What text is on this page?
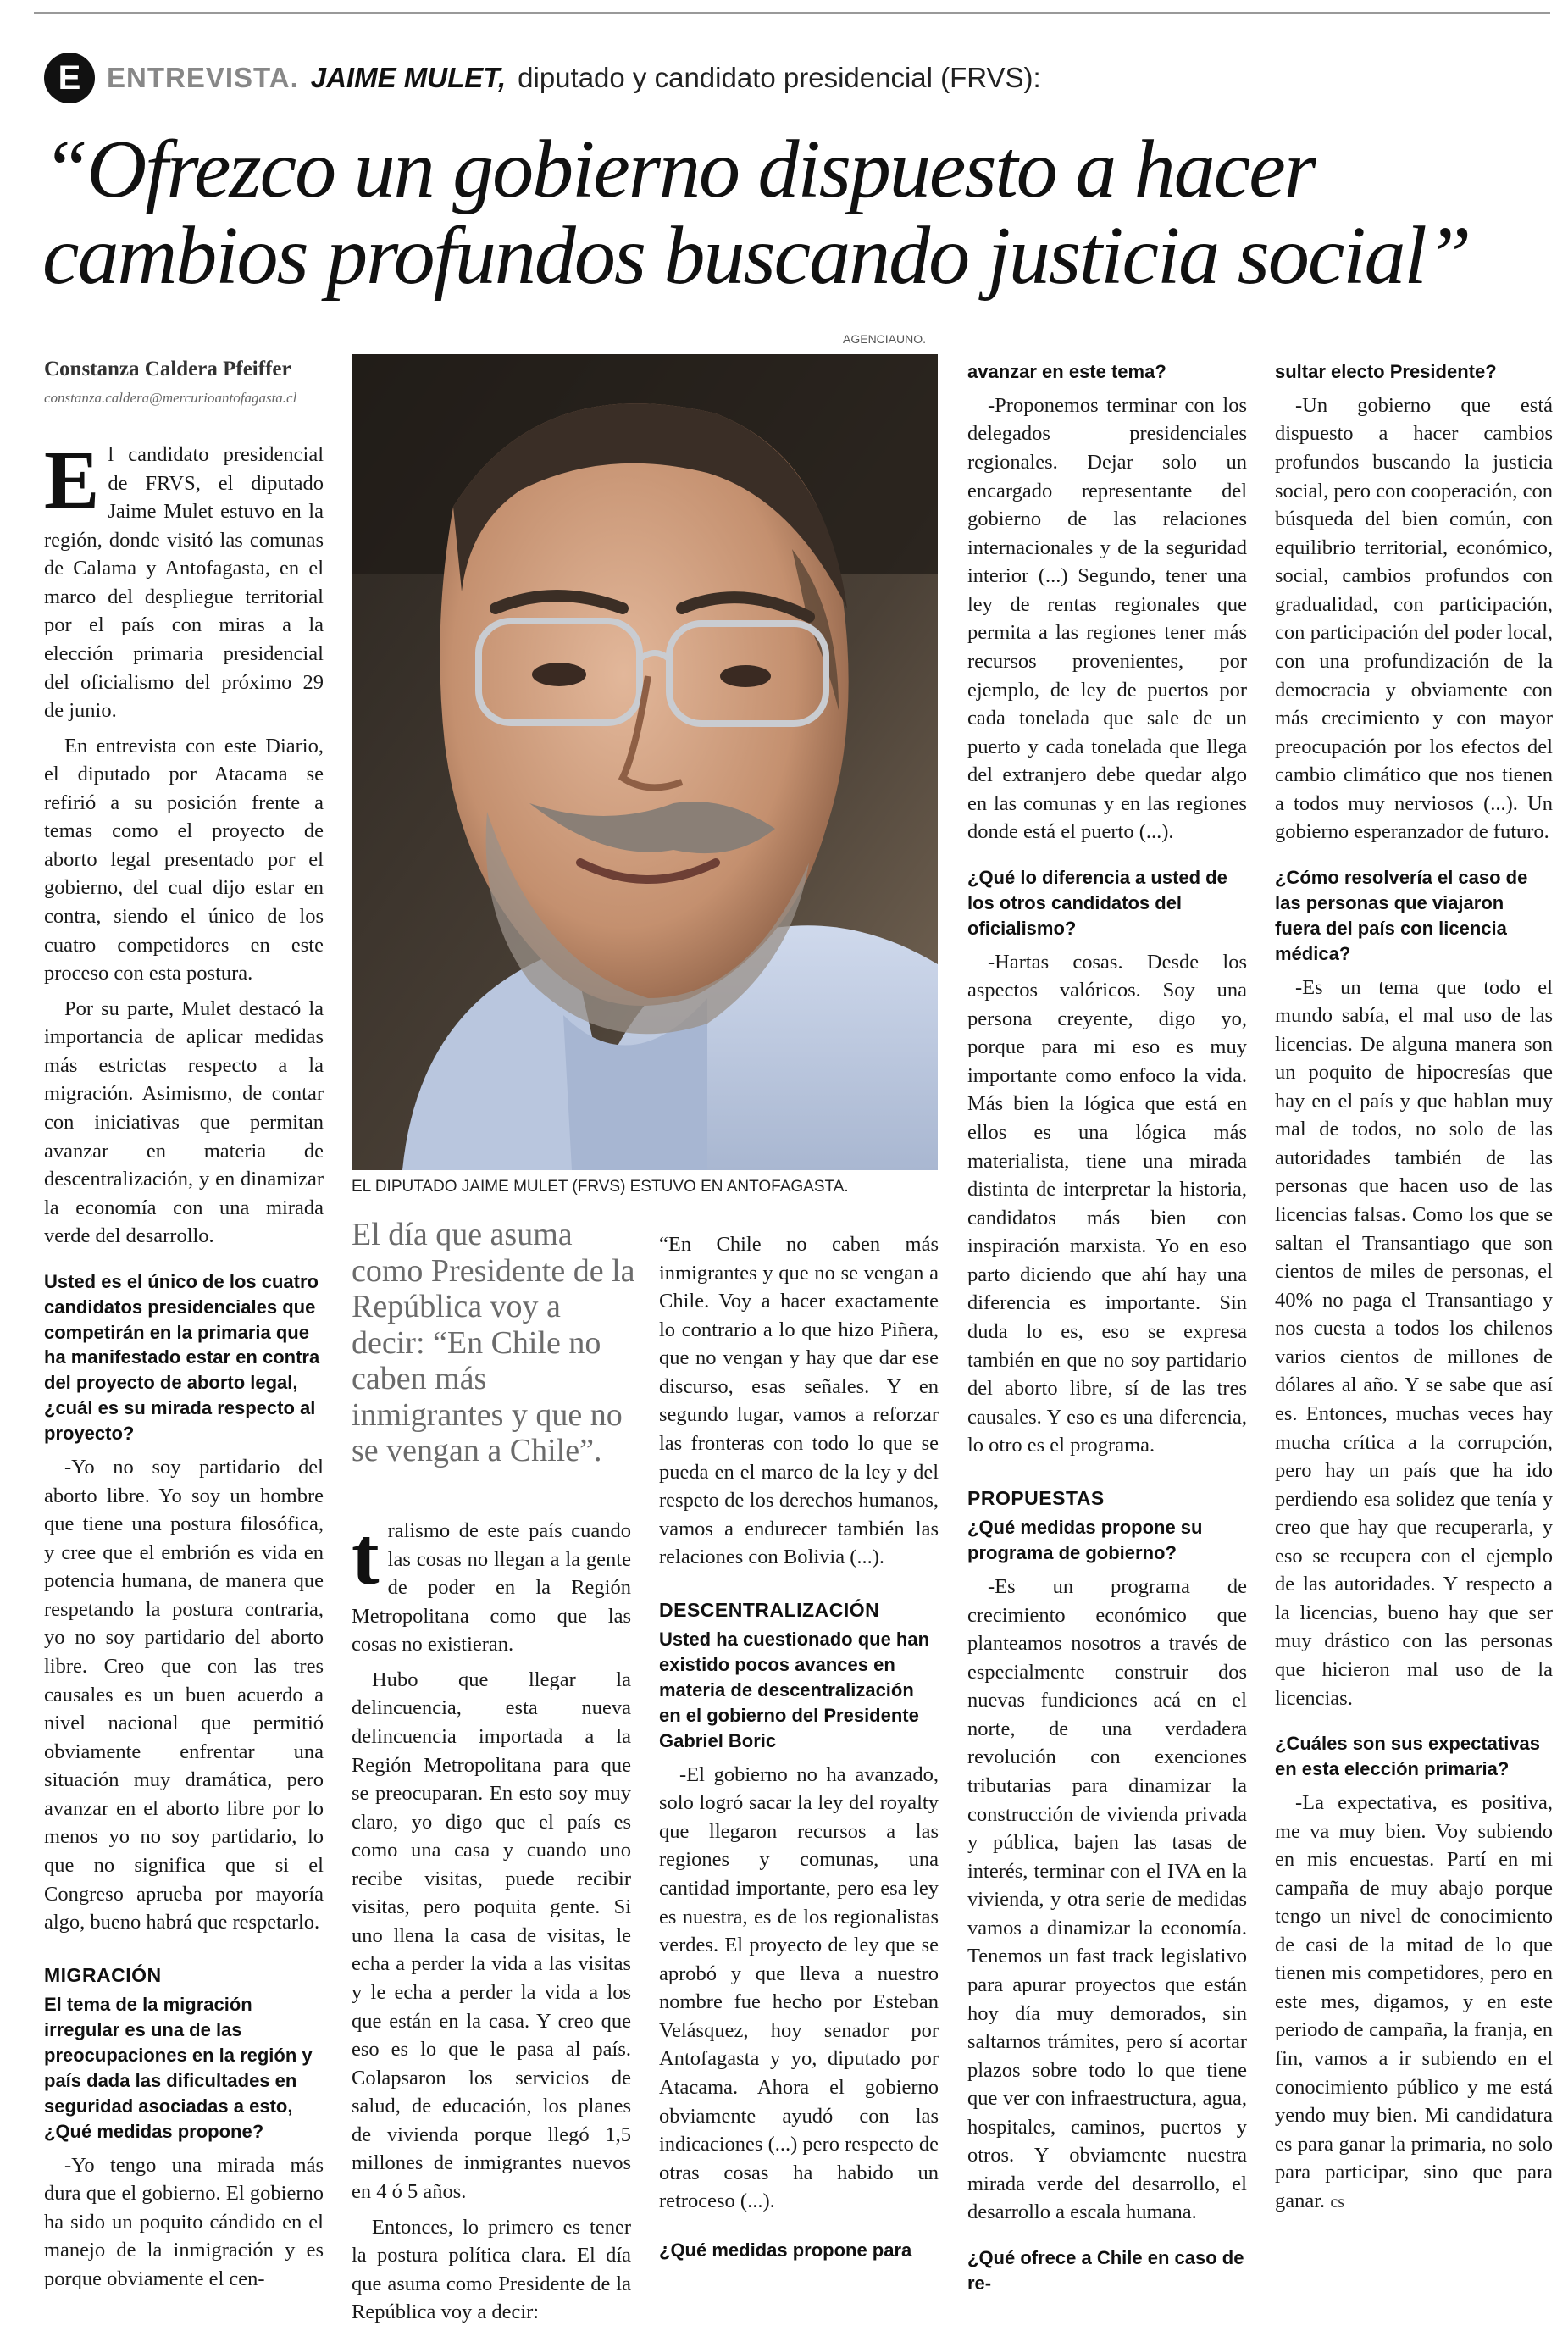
E ENTREVISTA. JAIME MULET, diputado y candidato presidencial (FRVS):
“Ofrezco un gobierno dispuesto a hacer
cambios profundos buscando justicia social”
Constanza Caldera Pfeiffer
constanza.caldera@mercurioantofagasta.cl
AGENCIAUNO.
EL DIPUTADO JAIME MULET (FRVS) ESTUVO EN ANTOFAGASTA.

El día que asuma como Presidente de la República voy a decir: “En Chile no caben más inmigrantes y que no se vengan a Chile”.

El candidato presidencial de FRVS, el diputado Jaime Mulet estuvo en la región, donde visitó las comunas de Calama y Antofagasta, en el marco del despliegue territorial por el país con miras a la elección primaria presidencial del oficialismo del próximo 29 de junio.

En entrevista con este Diario, el diputado por Atacama se refirió a su posición frente a temas como el proyecto de aborto legal presentado por el gobierno, del cual dijo estar en contra, siendo el único de los cuatro competidores en este proceso con esta postura.

Por su parte, Mulet destacó la importancia de aplicar medidas más estrictas respecto a la migración. Asimismo, de contar con iniciativas que permitan avanzar en materia de descentralización, y en dinamizar la economía con una mirada verde del desarrollo.

Usted es el único de los cuatro candidatos presidenciales que competirán en la primaria que ha manifestado estar en contra del proyecto de aborto legal, ¿cuál es su mirada respecto al proyecto?

-Yo no soy partidario del aborto libre. Yo soy un hombre que tiene una postura filosófica, y cree que el embrión es vida en potencia humana, de manera que respetando la postura contraria, yo no soy partidario del aborto libre. Creo que con las tres causales es un buen acuerdo a nivel nacional que permitió obviamente enfrentar una situación muy dramática, pero avanzar en el aborto libre por lo menos yo no soy partidario, lo que no significa que si el Congreso aprueba por mayoría algo, bueno habrá que respetarlo.

MIGRACIÓN
El tema de la migración irregular es una de las preocupaciones en la región y país dada las dificultades en seguridad asociadas a esto, ¿Qué medidas propone?

-Yo tengo una mirada más dura que el gobierno. El gobierno ha sido un poquito cándido en el manejo de la inmigración y es porque obviamente el cen-

tralismo de este país cuando las cosas no llegan a la gente de poder en la Región Metropolitana como que las cosas no existieran.

Hubo que llegar la delincuencia, esta nueva delincuencia importada a la Región Metropolitana para que se preocuparan. En esto soy muy claro, yo digo que el país es como una casa y cuando uno recibe visitas, puede recibir visitas, pero poquita gente. Si uno llena la casa de visitas, le echa a perder la vida a las visitas y le echa a perder la vida a los que están en la casa. Y creo que eso es lo que le pasa al país. Colapsaron los servicios de salud, de educación, los planes de vivienda porque llegó 1,5 millones de inmigrantes nuevos en 4 ó 5 años.

Entonces, lo primero es tener la postura política clara. El día que asuma como Presidente de la República voy a decir:

“En Chile no caben más inmigrantes y que no se vengan a Chile. Voy a hacer exactamente lo contrario a lo que hizo Piñera, que no vengan y hay que dar ese discurso, esas señales. Y en segundo lugar, vamos a reforzar las fronteras con todo lo que se pueda en el marco de la ley y del respeto de los derechos humanos, vamos a endurecer también las relaciones con Bolivia (...).

DESCENTRALIZACIÓN
Usted ha cuestionado que han existido pocos avances en materia de descentralización en el gobierno del Presidente Gabriel Boric

-El gobierno no ha avanzado, solo logró sacar la ley del royalty que llegaron recursos a las regiones y comunas, una cantidad importante, pero esa ley es nuestra, es de los regionalistas verdes. El proyecto de ley que se aprobó y que lleva a nuestro nombre fue hecho por Esteban Velásquez, hoy senador por Antofagasta y yo, diputado por Atacama. Ahora el gobierno obviamente ayudó con las indicaciones (...) pero respecto de otras cosas ha habido un retroceso (...).

¿Qué medidas propone para
avanzar en este tema?

-Proponemos terminar con los delegados presidenciales regionales. Dejar solo un encargado representante del gobierno de las relaciones internacionales y de la seguridad interior (...) Segundo, tener una ley de rentas regionales que permita a las regiones tener más recursos provenientes, por ejemplo, de ley de puertos por cada tonelada que sale de un puerto y cada tonelada que llega del extranjero debe quedar algo en las comunas y en las regiones donde está el puerto (...).

¿Qué lo diferencia a usted de los otros candidatos del oficialismo?

-Hartas cosas. Desde los aspectos valóricos. Soy una persona creyente, digo yo, porque para mi eso es muy importante como enfoco la vida. Más bien la lógica que está en ellos es una lógica más materialista, tiene una mirada distinta de interpretar la historia, candidatos más bien con inspiración marxista. Yo en eso parto diciendo que ahí hay una diferencia es importante. Sin duda lo es, eso se expresa también en que no soy partidario del aborto libre, sí de las tres causales. Y eso es una diferencia, lo otro es el programa.

PROPUESTAS
¿Qué medidas propone su programa de gobierno?

-Es un programa de crecimiento económico que planteamos nosotros a través de especialmente construir dos nuevas fundiciones acá en el norte, de una verdadera revolución con exenciones tributarias para dinamizar la construcción de vivienda privada y pública, bajen las tasas de interés, terminar con el IVA en la vivienda, y otra serie de medidas vamos a dinamizar la economía. Tenemos un fast track legislativo para apurar proyectos que están hoy día muy demorados, sin saltarnos trámites, pero sí acortar plazos sobre todo lo que tiene que ver con infraestructura, agua, hospitales, caminos, puertos y otros. Y obviamente nuestra mirada verde del desarrollo, el desarrollo a escala humana.

¿Qué ofrece a Chile en caso de re-
sultar electo Presidente?

-Un gobierno que está dispuesto a hacer cambios profundos buscando la justicia social, pero con cooperación, con búsqueda del bien común, con equilibrio territorial, económico, social, cambios profundos con gradualidad, con participación, con participación del poder local, con una profundización de la democracia y obviamente con más crecimiento y con mayor preocupación por los efectos del cambio climático que nos tienen a todos muy nerviosos (...). Un gobierno esperanzador de futuro.

¿Cómo resolvería el caso de las personas que viajaron fuera del país con licencia médica?

-Es un tema que todo el mundo sabía, el mal uso de las licencias. De alguna manera son un poquito de hipocresías que hay en el país y que hablan muy mal de todos, no solo de las autoridades también de las personas que hacen uso de las licencias falsas. Como los que se saltan el Transantiago que son cientos de miles de personas, el 40% no paga el Transantiago y nos cuesta a todos los chilenos varios cientos de millones de dólares al año. Y se sabe que así es. Entonces, muchas veces hay mucha crítica a la corrupción, pero hay un país que ha ido perdiendo esa solidez que tenía y creo que hay que recuperarla, y eso se recupera con el ejemplo de las autoridades. Y respecto a la licencias, bueno hay que ser muy drástico con las personas que hicieron mal uso de la licencias.

¿Cuáles son sus expectativas en esta elección primaria?

-La expectativa, es positiva, me va muy bien. Voy subiendo en mis encuestas. Partí en mi campaña de muy abajo porque tengo un nivel de conocimiento de casi de la mitad de lo que tienen mis competidores, pero en este mes, digamos, y en este periodo de campaña, la franja, en fin, vamos a ir subiendo en el conocimiento público y me está yendo muy bien. Mi candidatura es para ganar la primaria, no solo para participar, sino que para ganar. cs
